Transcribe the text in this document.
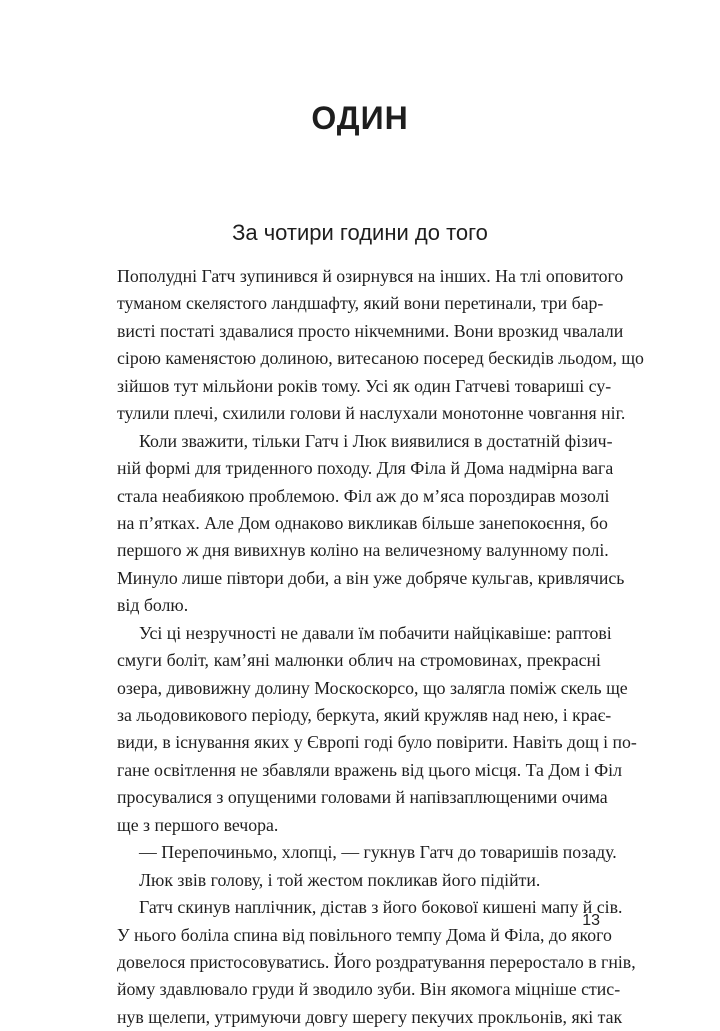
ОДИН
За чотири години до того
Пополудні Гатч зупинився й озирнувся на інших. На тлі оповитого
туманом скелястого ландшафту, який вони перетинали, три бар-
висті постаті здавалися просто нікчемними. Вони врозкид чвалали
сірою каменястою долиною, витесаною посеред бескидів льодом, що
зійшов тут мільйони років тому. Усі як один Гатчеві товариші су-
тулили плечі, схилили голови й наслухали монотонне човгання ніг.
Коли зважити, тільки Гатч і Люк виявилися в достатній фізич-
ній формі для триденного походу. Для Філа й Дома надмірна вага
стала неабиякою проблемою. Філ аж до м’яса пороздирав мозолі
на п’ятках. Але Дом однаково викликав більше занепокоєння, бо
першого ж дня вивихнув коліно на величезному валунному полі.
Минуло лише півтори доби, а він уже добряче кульгав, кривлячись
від болю.
Усі ці незручності не давали їм побачити найцікавіше: раптові
смуги боліт, кам’яні малюнки облич на стромовинах, прекрасні
озера, дивовижну долину Москоскорсо, що залягла поміж скель ще
за льодовикового періоду, беркута, який кружляв над нею, і крає-
види, в існування яких у Європі годі було повірити. Навіть дощ і по-
гане освітлення не збавляли вражень від цього місця. Та Дом і Філ
просувалися з опущеними головами й напівзаплющеними очима
ще з першого вечора.
— Перепочиньмо, хлопці, — гукнув Гатч до товаришів позаду.
Люк звів голову, і той жестом покликав його підійти.
Гатч скинув наплічник, дістав з його бокової кишені мапу й сів.
У нього боліла спина від повільного темпу Дома й Філа, до якого
довелося пристосовуватись. Його роздратування переростало в гнів,
йому здавлювало груди й зводило зуби. Він якомога міцніше стис-
нув щелепи, утримуючи довгу шерегу пекучих прокльонів, які так
13
